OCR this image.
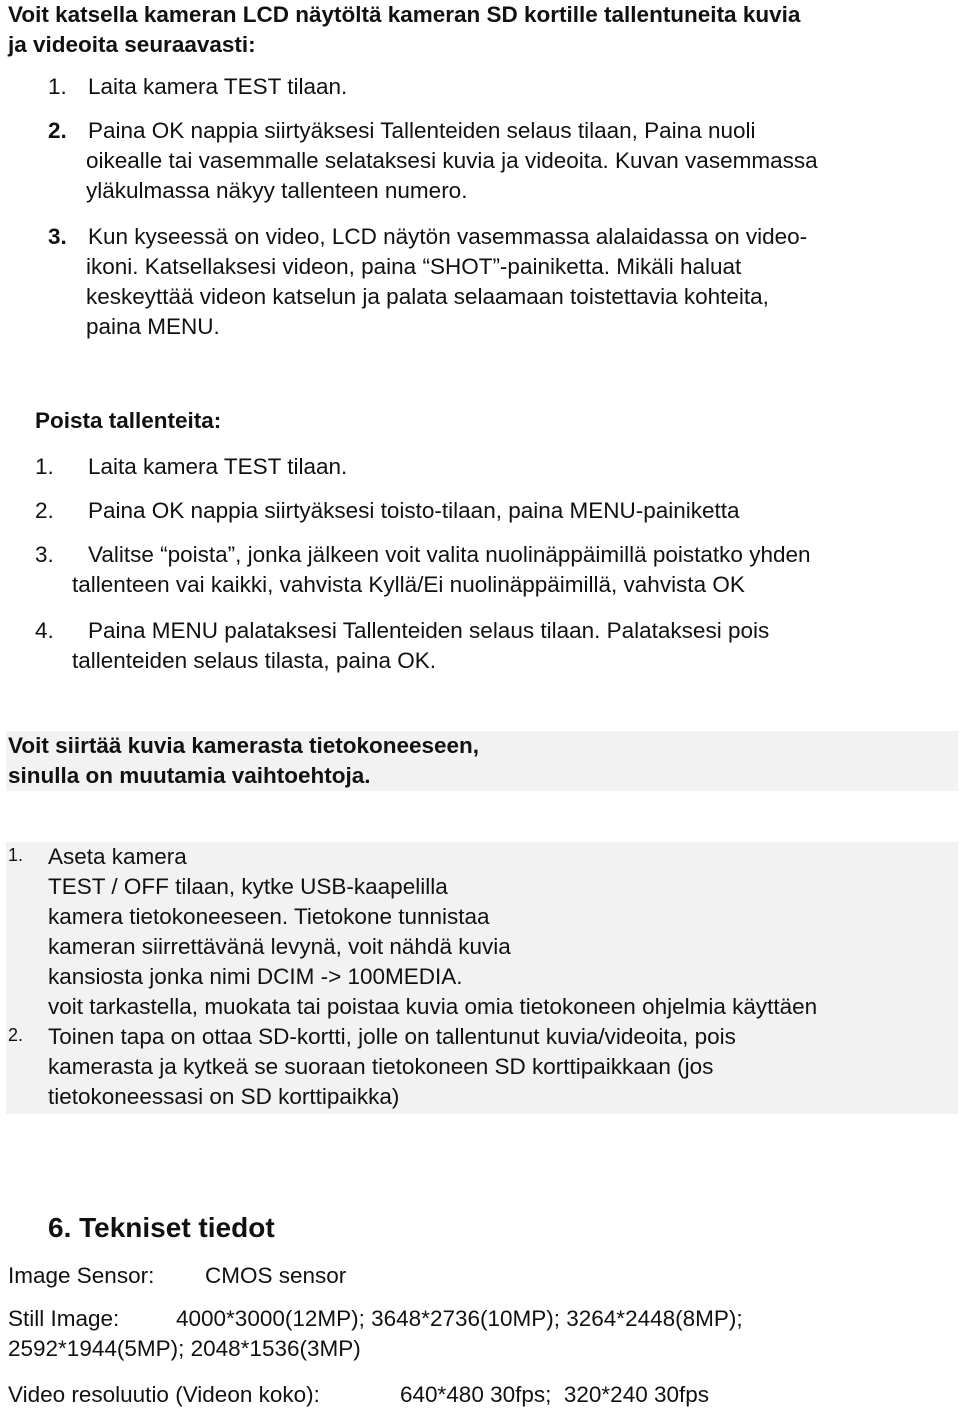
Voit katsella kameran LCD näytöltä kameran SD kortille tallentuneita kuvia

ja videoita seuraavasti:

1. Laita kamera TEST tilaan.

2. Paina OK nappia siirtyäksesi Tallenteiden selaus tilaan, Paina nuoli

oikealle tai vasemmalle selataksesi kuvia ja videoita. Kuvan vasemmassa

yläkulmassa näkyy tallenteen numero.

3. Kun kyseessä on video, LCD näytön vasemmassa alalaidassa on video-

ikoni. Katsellaksesi videon, paina “SHOT”-painiketta. Mikäli haluat

keskeyttää videon katselun ja palata selaamaan toistettavia kohteita,

paina MENU.

Poista tallenteita:
1. Laita kamera TEST tilaan.

2. Paina OK nappia siirtyäksesi toisto-tilaan, paina MENU-painiketta

3. Valitse “poista”, jonka jälkeen voit valita nuolinäppäimillä poistatko yhden

tallenteen vai kaikki, vahvista Kyllä/Ei nuolinäppäimillä, vahvista OK

4. Paina MENU palataksesi Tallenteiden selaus tilaan. Palataksesi pois

tallenteiden selaus tilasta, paina OK.

Voit siirtää kuvia kamerasta tietokoneeseen,

sinulla on muutamia vaihtoehtoja.

1. Aseta kamera

TEST / OFF tilaan, kytke USB-kaapelilla

kamera tietokoneeseen. Tietokone tunnistaa

kameran siirrettävänä levynä, voit nähdä kuvia

kansiosta jonka nimi DCIM -> 100MEDIA.

voit tarkastella, muokata tai poistaa kuvia omia tietokoneen ohjelmia käyttäen

2. Toinen tapa on ottaa SD-kortti, jolle on tallentunut kuvia/videoita, pois

kamerasta ja kytkeä se suoraan tietokoneen SD korttipaikkaan (jos

tietokoneessasi on SD korttipaikka)

6. Tekniset tiedot
Image Sensor: CMOS sensor
Still Image:	4000*3000(12MP); 3648*2736(10MP); 3264*2448(8MP);
2592*1944(5MP); 2048*1536(3MP)
Video resoluutio (Videon koko):	640*480 30fps;  320*240 30fps
